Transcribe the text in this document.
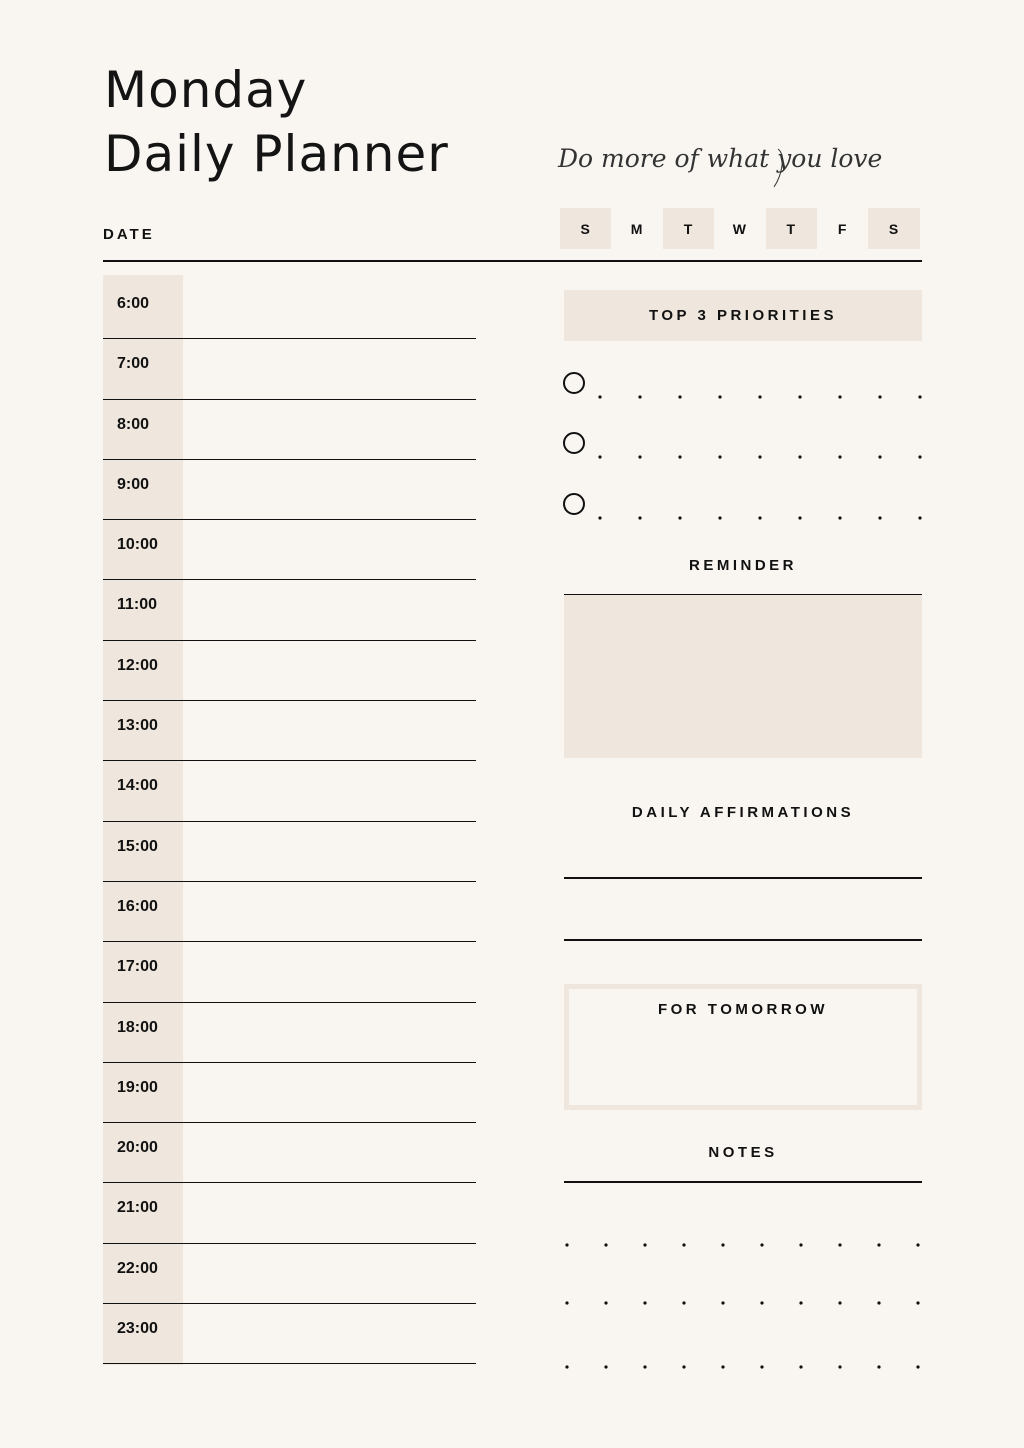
Monday
Daily Planner	Do more of what you love
DATE	S	M	T	W	T	F	S
6:00
7:00
8:00
9:00
10:00
11:00
12:00
13:00
14:00
15:00
16:00
17:00
18:00
19:00
20:00
21:00
22:00
23:00
TOP 3 PRIORITIES
REMINDER
DAILY AFFIRMATIONS
FOR TOMORROW
NOTES
